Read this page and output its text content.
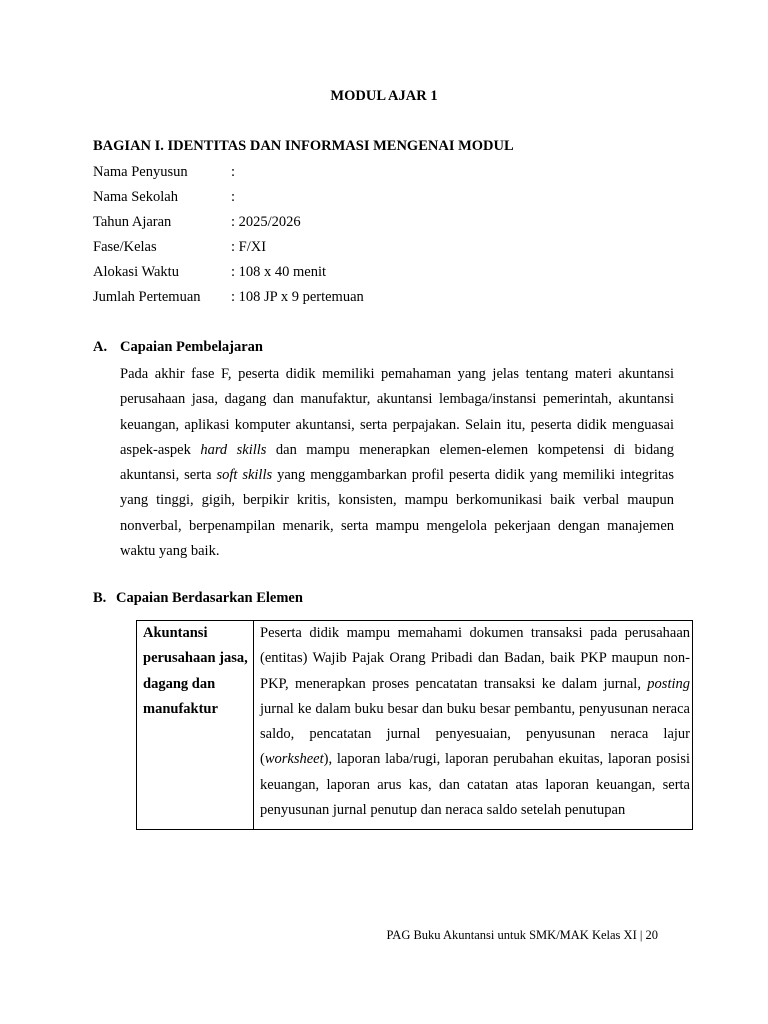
MODUL AJAR 1
BAGIAN I. IDENTITAS DAN INFORMASI MENGENAI MODUL
Nama Penyusun	:
Nama Sekolah	:
Tahun Ajaran	: 2025/2026
Fase/Kelas	: F/XI
Alokasi Waktu	: 108 x 40 menit
Jumlah Pertemuan	: 108 JP x 9 pertemuan
A. Capaian Pembelajaran
Pada akhir fase F, peserta didik memiliki pemahaman yang jelas tentang materi akuntansi perusahaan jasa, dagang dan manufaktur, akuntansi lembaga/instansi pemerintah, akuntansi keuangan, aplikasi komputer akuntansi, serta perpajakan. Selain itu, peserta didik menguasai aspek-aspek hard skills dan mampu menerapkan elemen-elemen kompetensi di bidang akuntansi, serta soft skills yang menggambarkan profil peserta didik yang memiliki integritas yang tinggi, gigih, berpikir kritis, konsisten, mampu berkomunikasi baik verbal maupun nonverbal, berpenampilan menarik, serta mampu mengelola pekerjaan dengan manajemen waktu yang baik.
B. Capaian Berdasarkan Elemen
Akuntansi perusahaan jasa, dagang dan manufaktur	Peserta didik mampu memahami dokumen transaksi pada perusahaan (entitas) Wajib Pajak Orang Pribadi dan Badan, baik PKP maupun non-PKP, menerapkan proses pencatatan transaksi ke dalam jurnal, posting jurnal ke dalam buku besar dan buku besar pembantu, penyusunan neraca saldo, pencatatan jurnal penyesuaian, penyusunan neraca lajur (worksheet), laporan laba/rugi, laporan perubahan ekuitas, laporan posisi keuangan, laporan arus kas, dan catatan atas laporan keuangan, serta penyusunan jurnal penutup dan neraca saldo setelah penutupan
PAG Buku Akuntansi untuk SMK/MAK Kelas XI | 20
